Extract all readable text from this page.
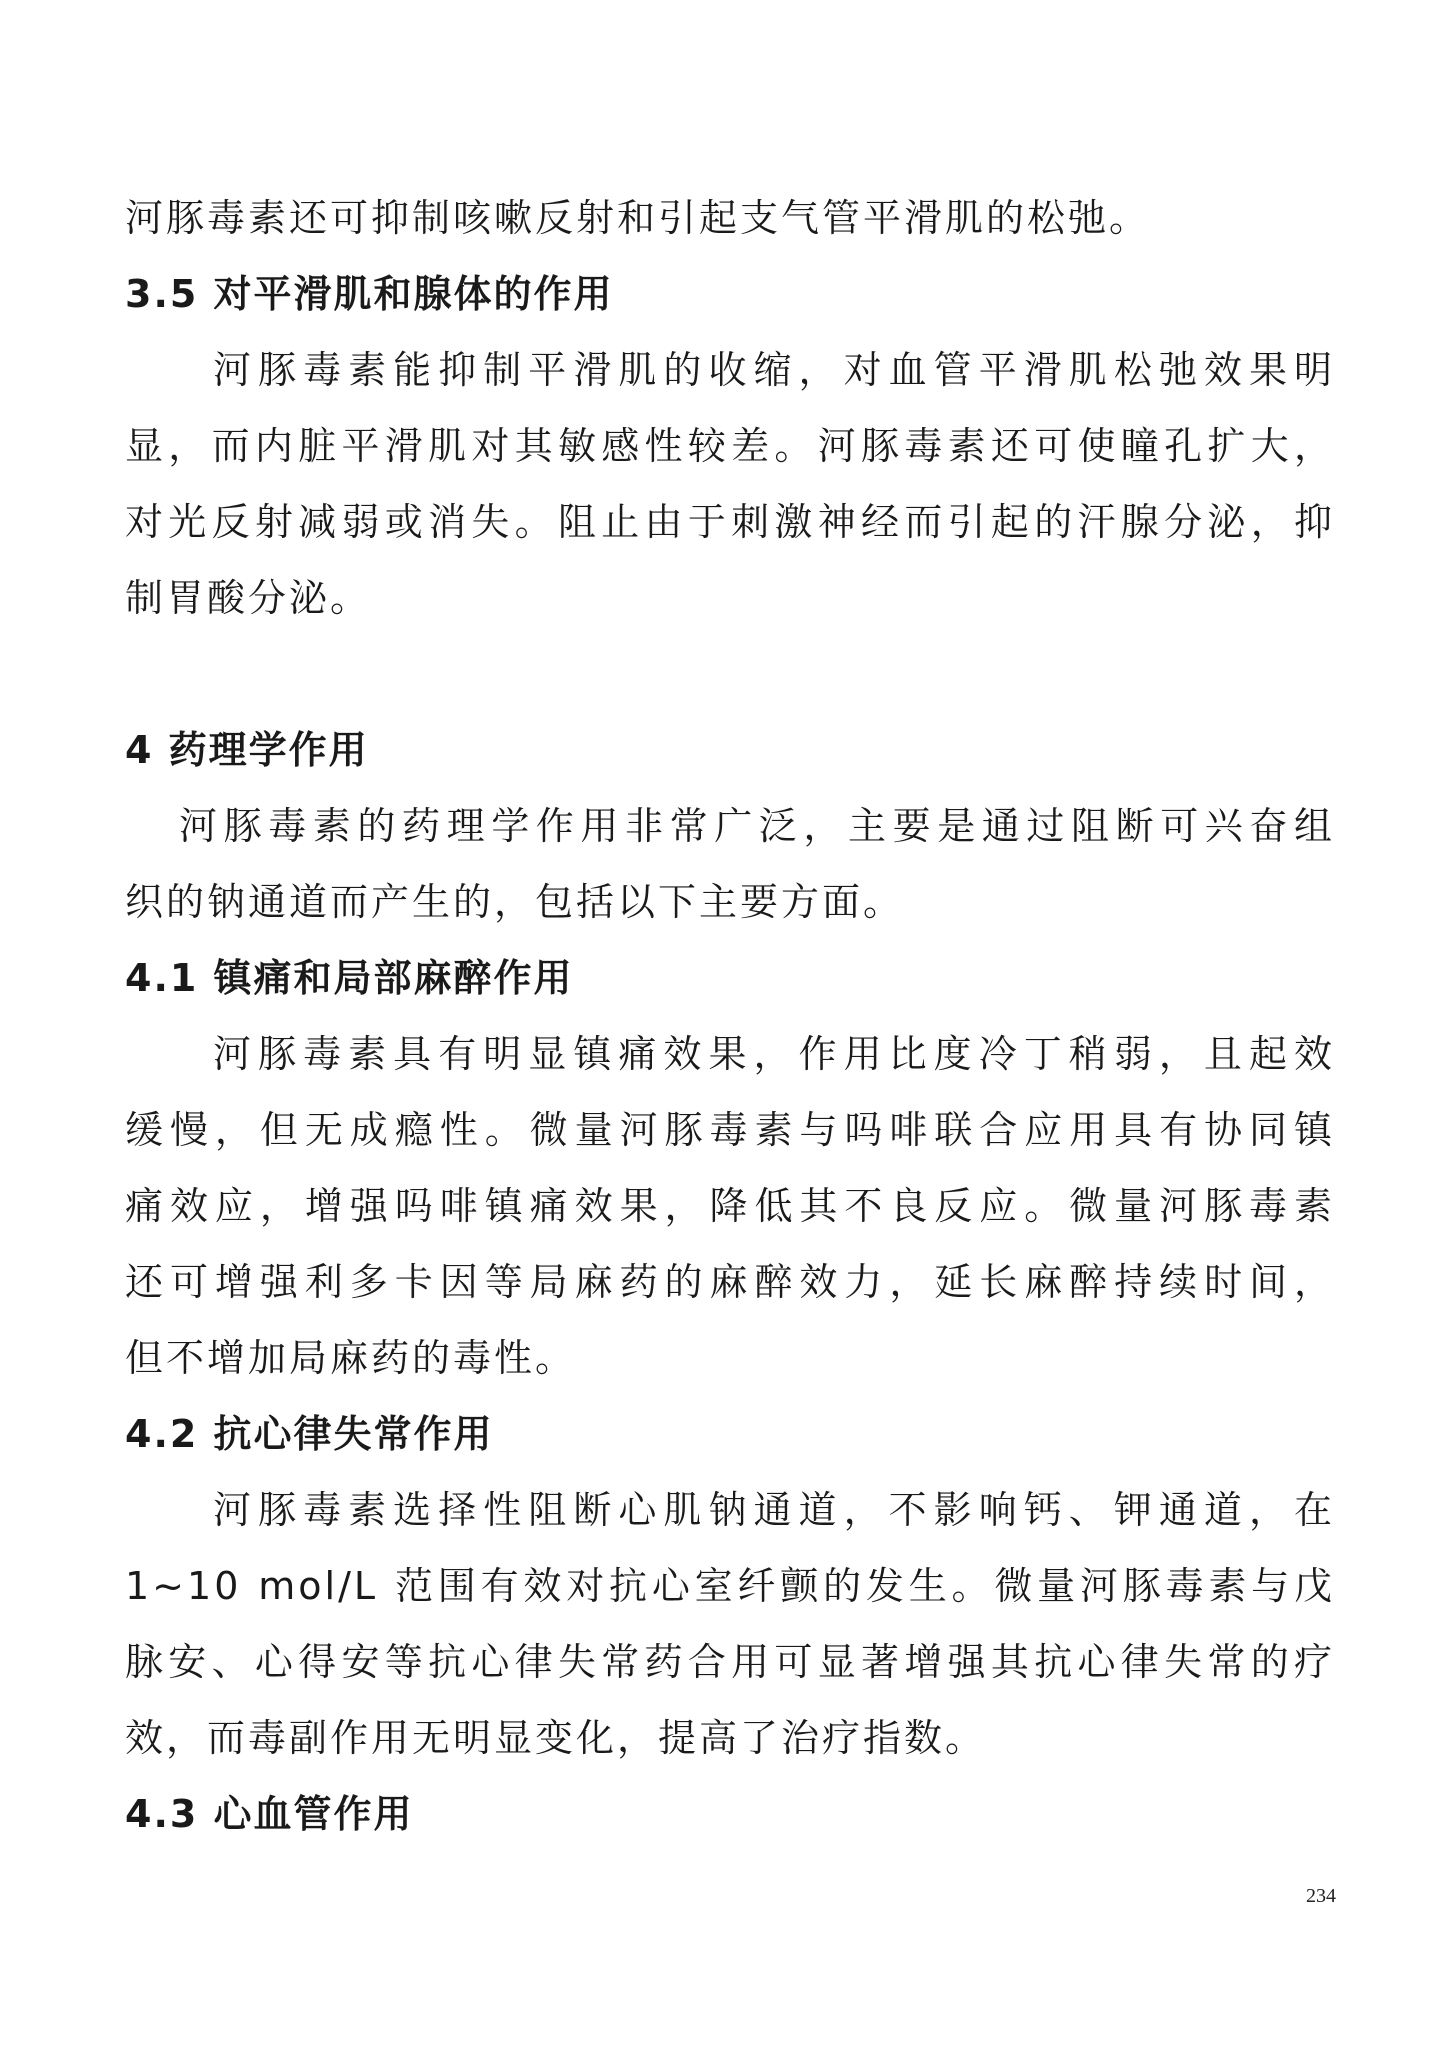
河豚毒素还可抑制咳嗽反射和引起支气管平滑肌的松弛。

3.5 对平滑肌和腺体的作用

河豚毒素能抑制平滑肌的收缩，对血管平滑肌松弛效果明

显，而内脏平滑肌对其敏感性较差。河豚毒素还可使瞳孔扩大，

对光反射减弱或消失。阻止由于刺激神经而引起的汗腺分泌，抑

制胃酸分泌。

4 药理学作用

河豚毒素的药理学作用非常广泛，主要是通过阻断可兴奋组

织的钠通道而产生的，包括以下主要方面。

4.1 镇痛和局部麻醉作用

河豚毒素具有明显镇痛效果，作用比度冷丁稍弱，且起效

缓慢，但无成瘾性。微量河豚毒素与吗啡联合应用具有协同镇

痛效应，增强吗啡镇痛效果，降低其不良反应。微量河豚毒素

还可增强利多卡因等局麻药的麻醉效力，延长麻醉持续时间，

但不增加局麻药的毒性。

4.2 抗心律失常作用

河豚毒素选择性阻断心肌钠通道，不影响钙、钾通道，在

1~10 mol/L 范围有效对抗心室纤颤的发生。微量河豚毒素与戊

脉安、心得安等抗心律失常药合用可显著增强其抗心律失常的疗

效，而毒副作用无明显变化，提高了治疗指数。

4.3 心血管作用

234
